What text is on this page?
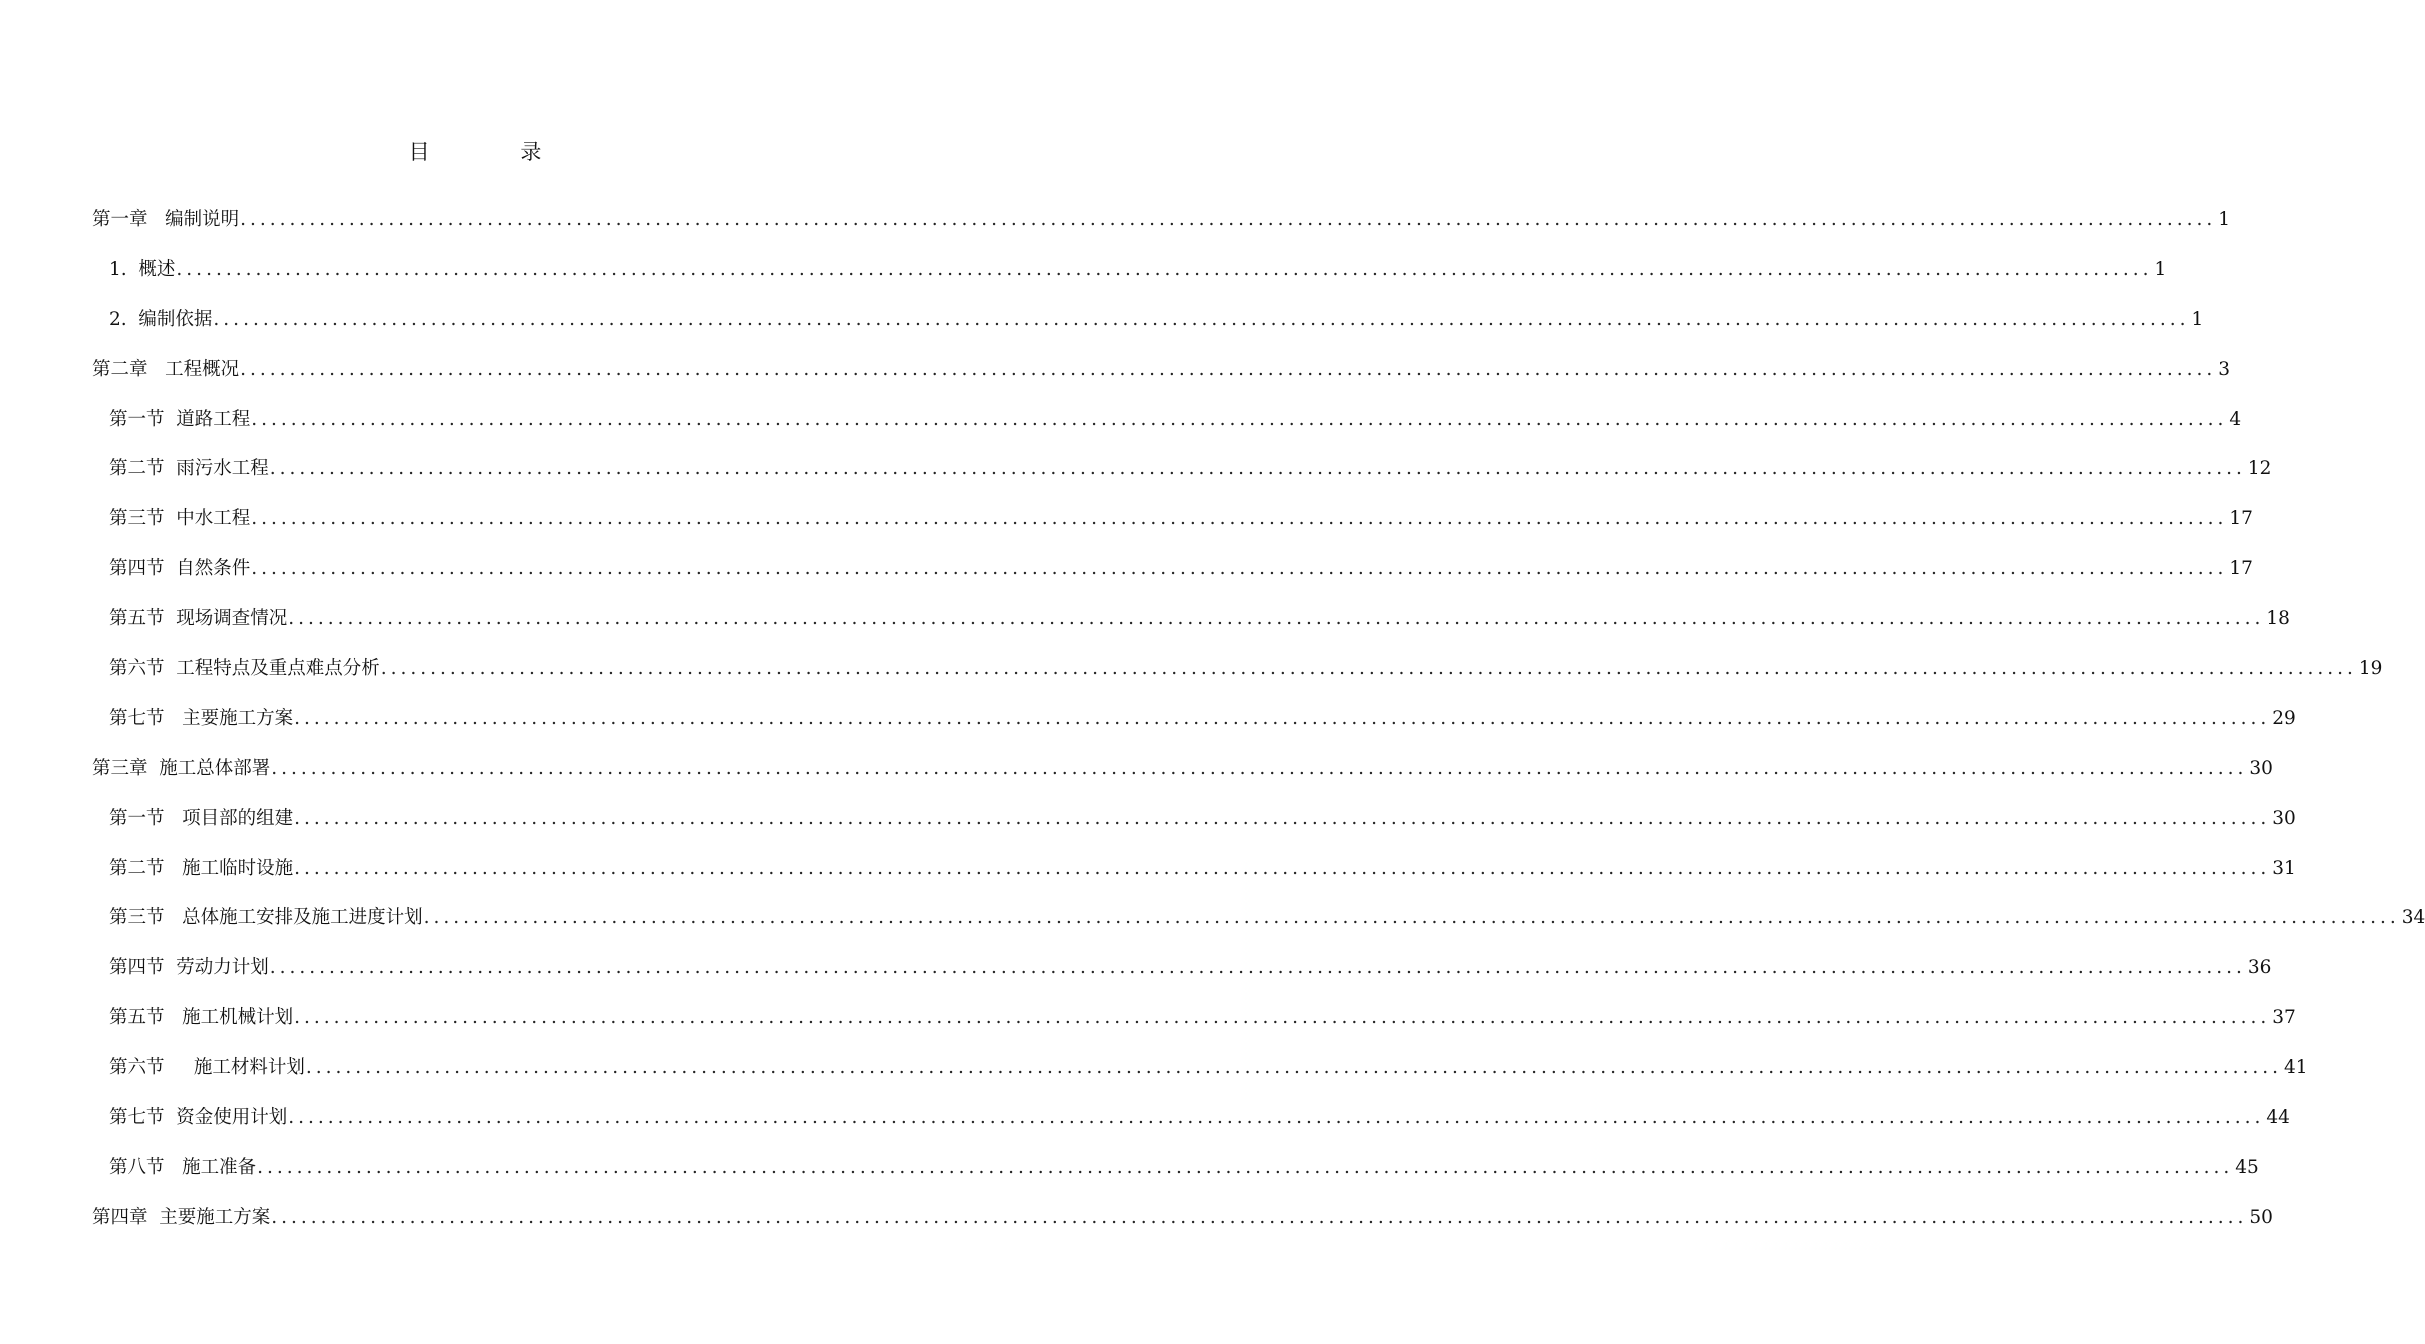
目 录
第一章   编制说明 ........................................................................................................................................................................................................ 1
1.  概述 ........................................................................................................................................................................................................ 1
2.  编制依据 ........................................................................................................................................................................................................ 1
第二章   工程概况 ........................................................................................................................................................................................................ 3
第一节  道路工程 ........................................................................................................................................................................................................ 4
第二节  雨污水工程 ........................................................................................................................................................................................................ 12
第三节  中水工程 ........................................................................................................................................................................................................ 17
第四节  自然条件 ........................................................................................................................................................................................................ 17
第五节  现场调查情况 ........................................................................................................................................................................................................ 18
第六节  工程特点及重点难点分析 ........................................................................................................................................................................................................ 19
第七节   主要施工方案 ........................................................................................................................................................................................................ 29
第三章  施工总体部署 ........................................................................................................................................................................................................ 30
第一节   项目部的组建 ........................................................................................................................................................................................................ 30
第二节   施工临时设施 ........................................................................................................................................................................................................ 31
第三节   总体施工安排及施工进度计划 ........................................................................................................................................................................................................ 34
第四节  劳动力计划 ........................................................................................................................................................................................................ 36
第五节   施工机械计划 ........................................................................................................................................................................................................ 37
第六节     施工材料计划 ........................................................................................................................................................................................................ 41
第七节  资金使用计划 ........................................................................................................................................................................................................ 44
第八节   施工准备 ........................................................................................................................................................................................................ 45
第四章  主要施工方案 ........................................................................................................................................................................................................ 50
